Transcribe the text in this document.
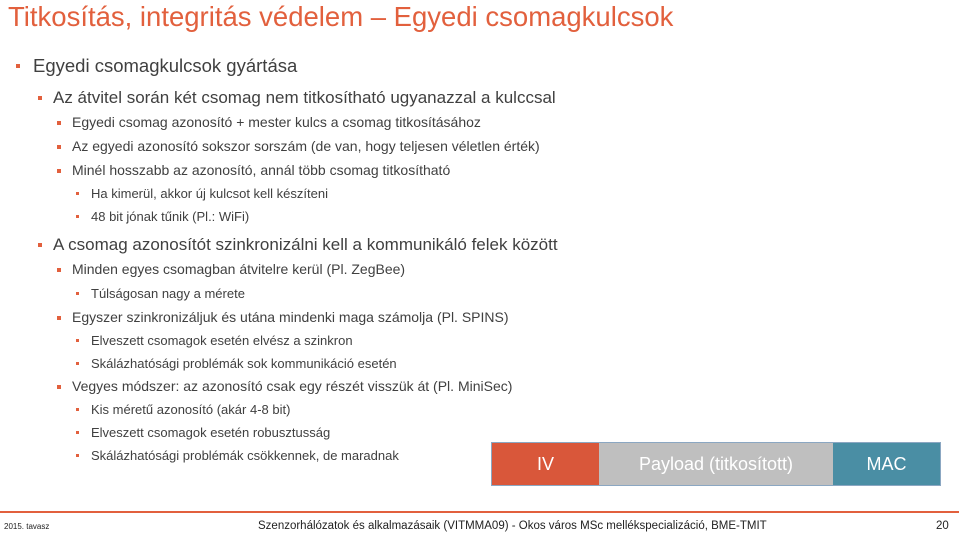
Titkosítás, integritás védelem – Egyedi csomagkulcsok
Egyedi csomagkulcsok gyártása
Az átvitel során két csomag nem titkosítható ugyanazzal a kulccsal
Egyedi csomag azonosító + mester kulcs a csomag titkosításához
Az egyedi azonosító sokszor sorszám (de van, hogy teljesen véletlen érték)
Minél hosszabb az azonosító, annál több csomag titkosítható
Ha kimerül, akkor új kulcsot kell készíteni
48 bit jónak tűnik (Pl.: WiFi)
A csomag azonosítót szinkronizálni kell a kommunikáló felek között
Minden egyes csomagban átvitelre kerül (Pl. ZegBee)
Túlságosan nagy a mérete
Egyszer szinkronizáljuk és utána mindenki maga számolja (Pl. SPINS)
Elveszett csomagok esetén elvész a szinkron
Skálázhatósági problémák sok kommunikáció esetén
Vegyes módszer: az azonosító csak egy részét visszük át (Pl. MiniSec)
Kis méretű azonosító (akár 4-8 bit)
Elveszett csomagok esetén robusztusság
Skálázhatósági problémák csökkennek, de maradnak	IV	Payload (titkosított)	MAC
2015. tavasz	Szenzorhálózatok és alkalmazásaik (VITMMA09) - Okos város MSc mellékspecializáció, BME-TMIT	20
